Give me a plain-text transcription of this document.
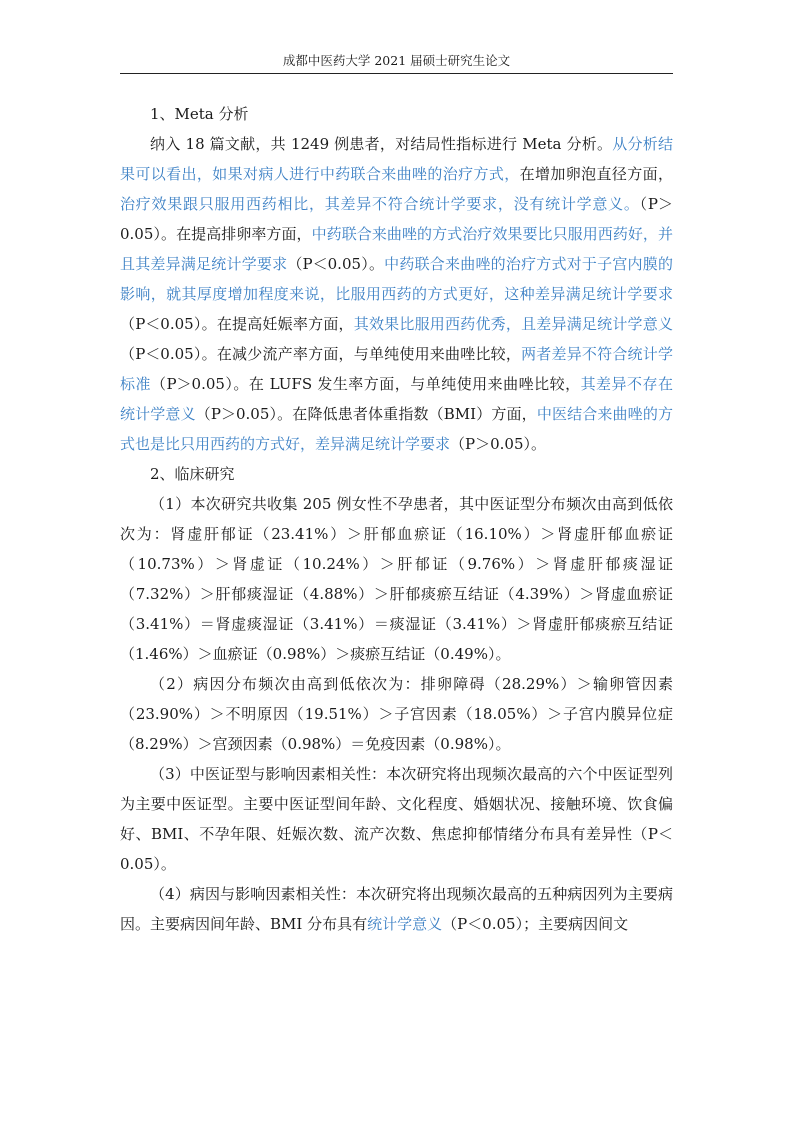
成都中医药大学 2021 届硕士研究生论文

1、Meta 分析

纳入 18 篇文献，共 1249 例患者，对结局性指标进行 Meta 分析。从分析结果可以看出，如果对病人进行中药联合来曲唑的治疗方式，在增加卵泡直径方面，治疗效果跟只服用西药相比，其差异不符合统计学要求，没有统计学意义。（P＞0.05）。在提高排卵率方面，中药联合来曲唑的方式治疗效果要比只服用西药好，并且其差异满足统计学要求（P＜0.05）。中药联合来曲唑的治疗方式对于子宫内膜的影响，就其厚度增加程度来说，比服用西药的方式更好，这种差异满足统计学要求（P＜0.05）。在提高妊娠率方面，其效果比服用西药优秀，且差异满足统计学意义（P＜0.05）。在减少流产率方面，与单纯使用来曲唑比较，两者差异不符合统计学标准（P＞0.05）。在 LUFS 发生率方面，与单纯使用来曲唑比较，其差异不存在统计学意义（P＞0.05）。在降低患者体重指数（BMI）方面，中医结合来曲唑的方式也是比只用西药的方式好，差异满足统计学要求（P＞0.05）。

2、临床研究

（1）本次研究共收集 205 例女性不孕患者，其中医证型分布频次由高到低依次为：肾虚肝郁证（23.41%）＞肝郁血瘀证（16.10%）＞肾虚肝郁血瘀证（10.73%）＞肾虚证（10.24%）＞肝郁证（9.76%）＞肾虚肝郁痰湿证（7.32%）＞肝郁痰湿证（4.88%）＞肝郁痰瘀互结证（4.39%）＞肾虚血瘀证（3.41%）＝肾虚痰湿证（3.41%）＝痰湿证（3.41%）＞肾虚肝郁痰瘀互结证（1.46%）＞血瘀证（0.98%）＞痰瘀互结证（0.49%）。

（2）病因分布频次由高到低依次为：排卵障碍（28.29%）＞输卵管因素（23.90%）＞不明原因（19.51%）＞子宫因素（18.05%）＞子宫内膜异位症（8.29%）＞宫颈因素（0.98%）＝免疫因素（0.98%）。

（3）中医证型与影响因素相关性：本次研究将出现频次最高的六个中医证型列为主要中医证型。主要中医证型间年龄、文化程度、婚姻状况、接触环境、饮食偏好、BMI、不孕年限、妊娠次数、流产次数、焦虑抑郁情绪分布具有差异性（P＜0.05）。

（4）病因与影响因素相关性：本次研究将出现频次最高的五种病因列为主要病因。主要病因间年龄、BMI 分布具有统计学意义（P＜0.05）；主要病因间文
